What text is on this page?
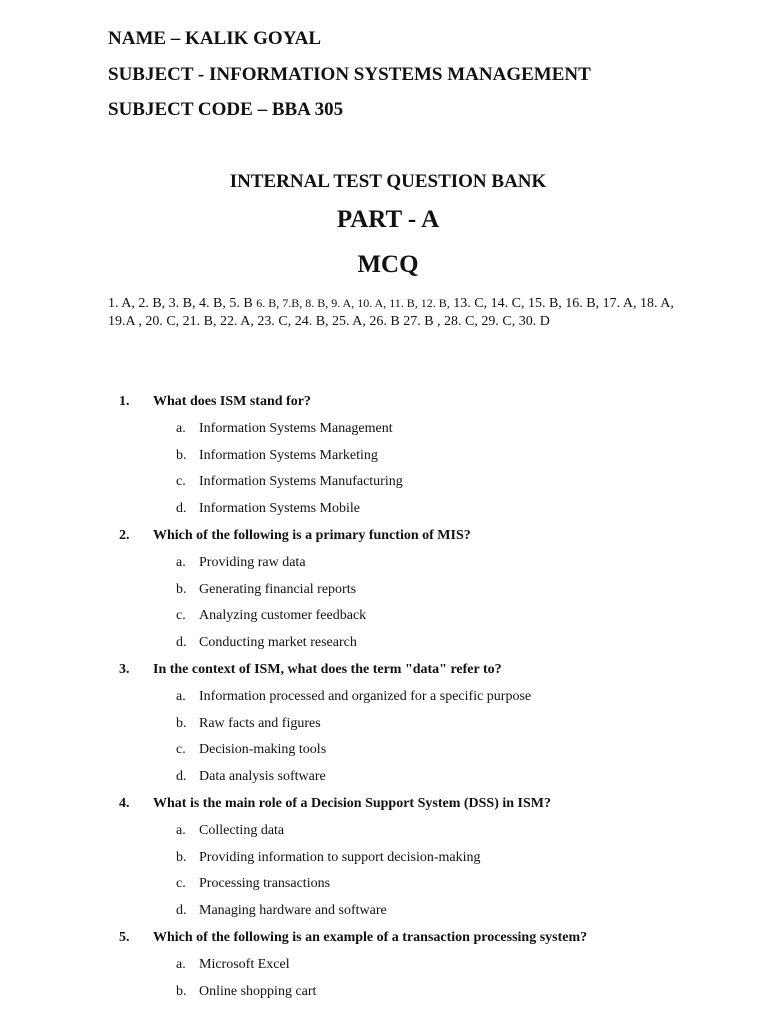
NAME – KALIK GOYAL
SUBJECT - INFORMATION SYSTEMS MANAGEMENT
SUBJECT CODE – BBA 305
INTERNAL TEST QUESTION BANK
PART - A
MCQ
1. A, 2. B, 3. B, 4. B, 5. B 6. B, 7.B, 8. B, 9. A, 10. A, 11. B, 12. B, 13. C, 14. C, 15. B, 16. B, 17. A, 18. A, 19.A , 20. C, 21. B, 22. A, 23. C, 24. B, 25. A, 26. B 27. B , 28. C, 29. C, 30. D
1. What does ISM stand for?
a. Information Systems Management
b. Information Systems Marketing
c. Information Systems Manufacturing
d. Information Systems Mobile
2. Which of the following is a primary function of MIS?
a. Providing raw data
b. Generating financial reports
c. Analyzing customer feedback
d. Conducting market research
3. In the context of ISM, what does the term "data" refer to?
a. Information processed and organized for a specific purpose
b. Raw facts and figures
c. Decision-making tools
d. Data analysis software
4. What is the main role of a Decision Support System (DSS) in ISM?
a. Collecting data
b. Providing information to support decision-making
c. Processing transactions
d. Managing hardware and software
5. Which of the following is an example of a transaction processing system?
a. Microsoft Excel
b. Online shopping cart
